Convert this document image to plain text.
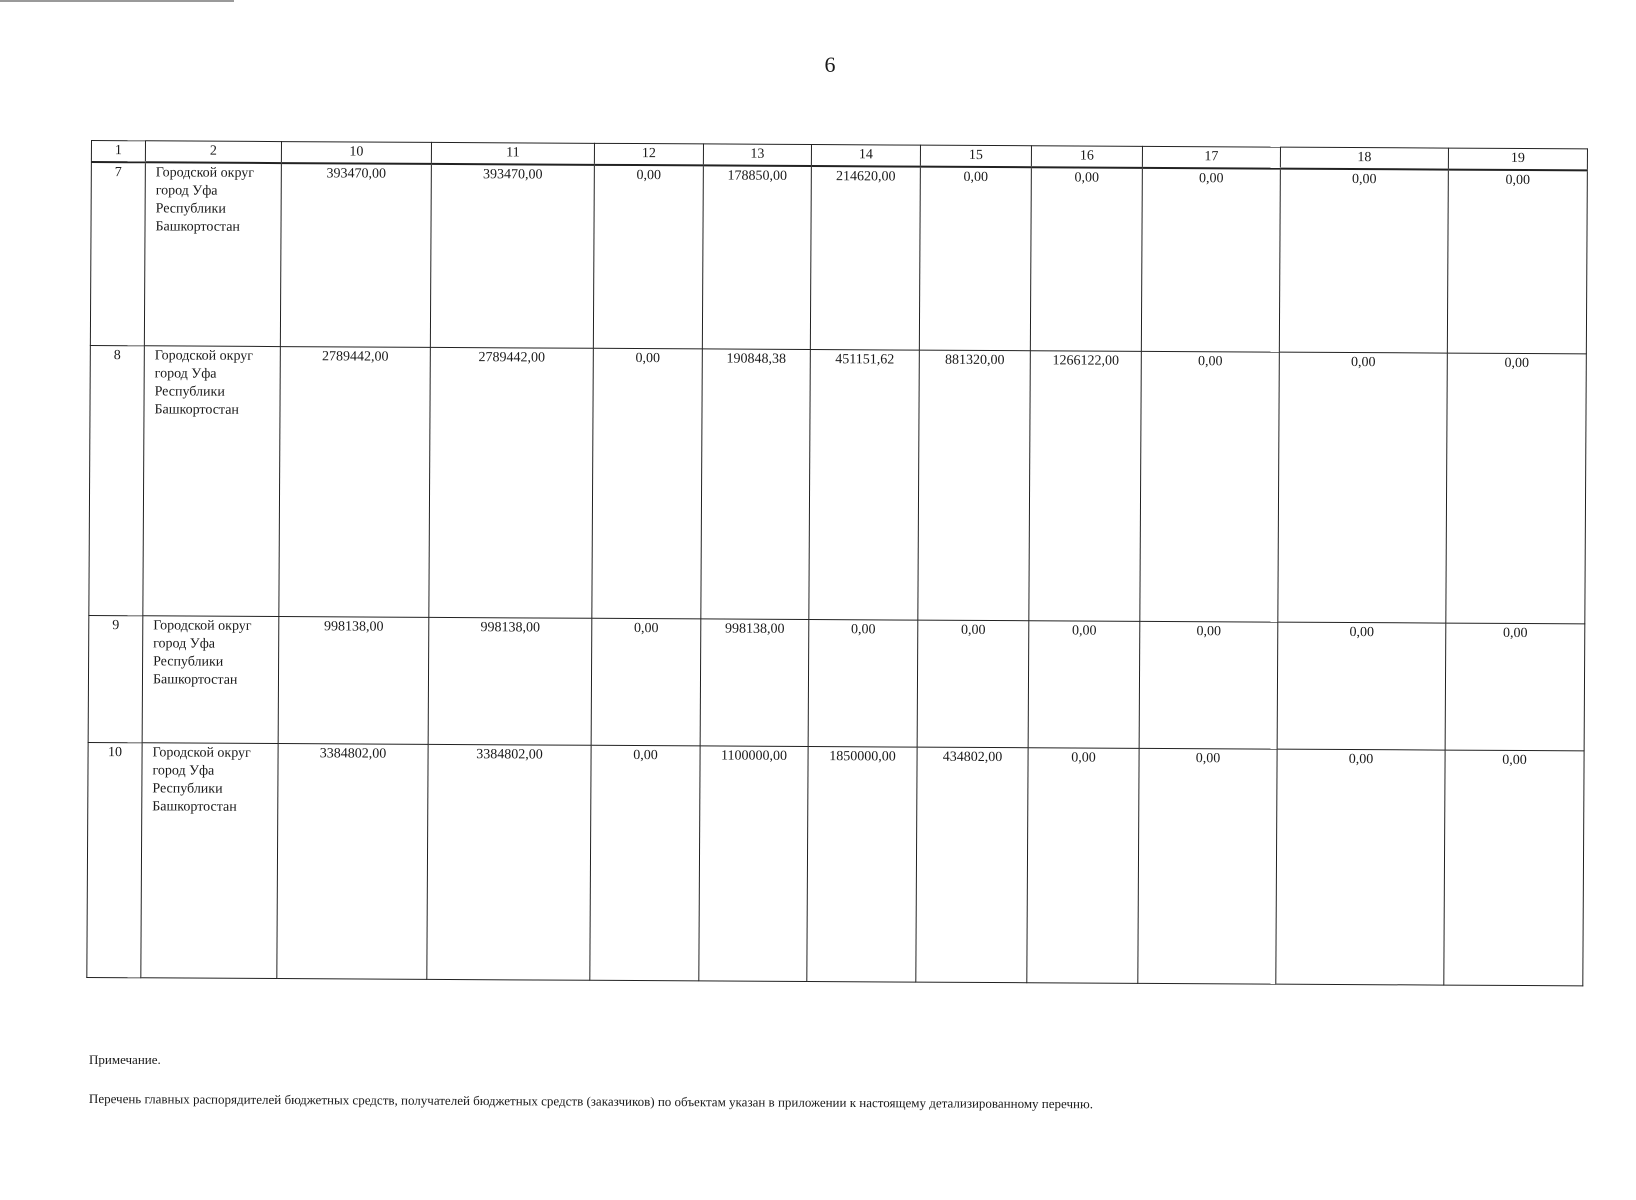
6
1	2	10	11	12	13	14	15	16	17	18	19
7	Городской округ
город Уфа
Республики
Башкортостан	393470,00	393470,00	0,00	178850,00	214620,00	0,00	0,00	0,00	0,00	0,00
8	Городской округ
город Уфа
Республики
Башкортостан	2789442,00	2789442,00	0,00	190848,38	451151,62	881320,00	1266122,00	0,00	0,00	0,00
9	Городской округ
город Уфа
Республики
Башкортостан	998138,00	998138,00	0,00	998138,00	0,00	0,00	0,00	0,00	0,00	0,00
10	Городской округ
город Уфа
Республики
Башкортостан	3384802,00	3384802,00	0,00	1100000,00	1850000,00	434802,00	0,00	0,00	0,00	0,00
Примечание.
Перечень главных распорядителей бюджетных средств, получателей бюджетных средств (заказчиков) по объектам указан в приложении к настоящему детализированному перечню.
